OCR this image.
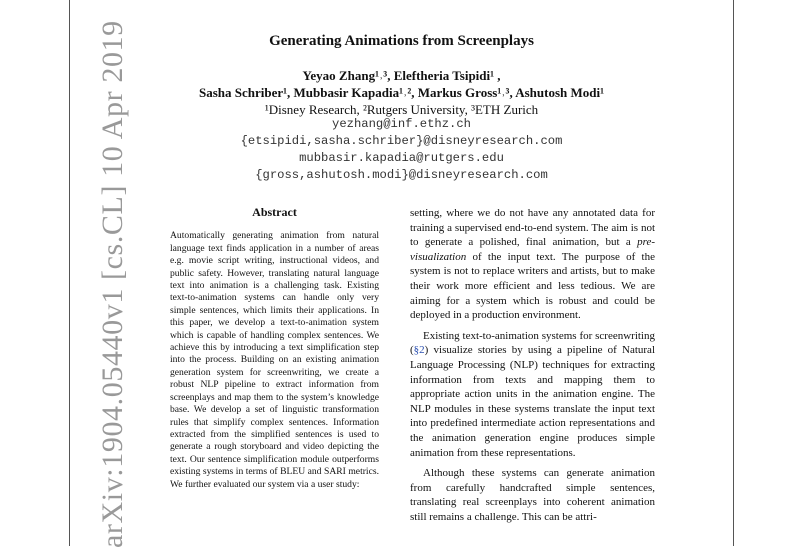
arXiv:1904.05440v1 [cs.CL] 10 Apr 2019	Generating Animations from Screenplays
Yeyao Zhang¹˒³, Eleftheria Tsipidi¹ ,
Sasha Schriber¹, Mubbasir Kapadia¹˒², Markus Gross¹˒³, Ashutosh Modi¹
¹Disney Research, ²Rutgers University, ³ETH Zurich
yezhang@inf.ethz.ch
{etsipidi,sasha.schriber}@disneyresearch.com
mubbasir.kapadia@rutgers.edu
{gross,ashutosh.modi}@disneyresearch.com
Abstract
Automatically generating animation from natural language text finds application in a number of areas e.g. movie script writing, instructional videos, and public safety. However, translating natural language text into animation is a challenging task. Existing text-to-animation systems can handle only very simple sentences, which limits their applications. In this paper, we develop a text-to-animation system which is capable of handling complex sentences. We achieve this by introducing a text simplification step into the process. Building on an existing animation generation system for screenwriting, we create a robust NLP pipeline to extract information from screenplays and map them to the system’s knowledge base. We develop a set of linguistic transformation rules that simplify complex sentences. Information extracted from the simplified sentences is used to generate a rough storyboard and video depicting the text. Our sentence simplification module outperforms existing systems in terms of BLEU and SARI metrics. We further evaluated our system via a user study:

setting, where we do not have any annotated data for training a supervised end-to-end system. The aim is not to generate a polished, final animation, but a pre-visualization of the input text. The purpose of the system is not to replace writers and artists, but to make their work more efficient and less tedious. We are aiming for a system which is robust and could be deployed in a production environment.

Existing text-to-animation systems for screenwriting (§2) visualize stories by using a pipeline of Natural Language Processing (NLP) techniques for extracting information from texts and mapping them to appropriate action units in the animation engine. The NLP modules in these systems translate the input text into predefined intermediate action representations and the animation generation engine produces simple animation from these representations.

Although these systems can generate animation from carefully handcrafted simple sentences, translating real screenplays into coherent animation still remains a challenge. This can be attri-
